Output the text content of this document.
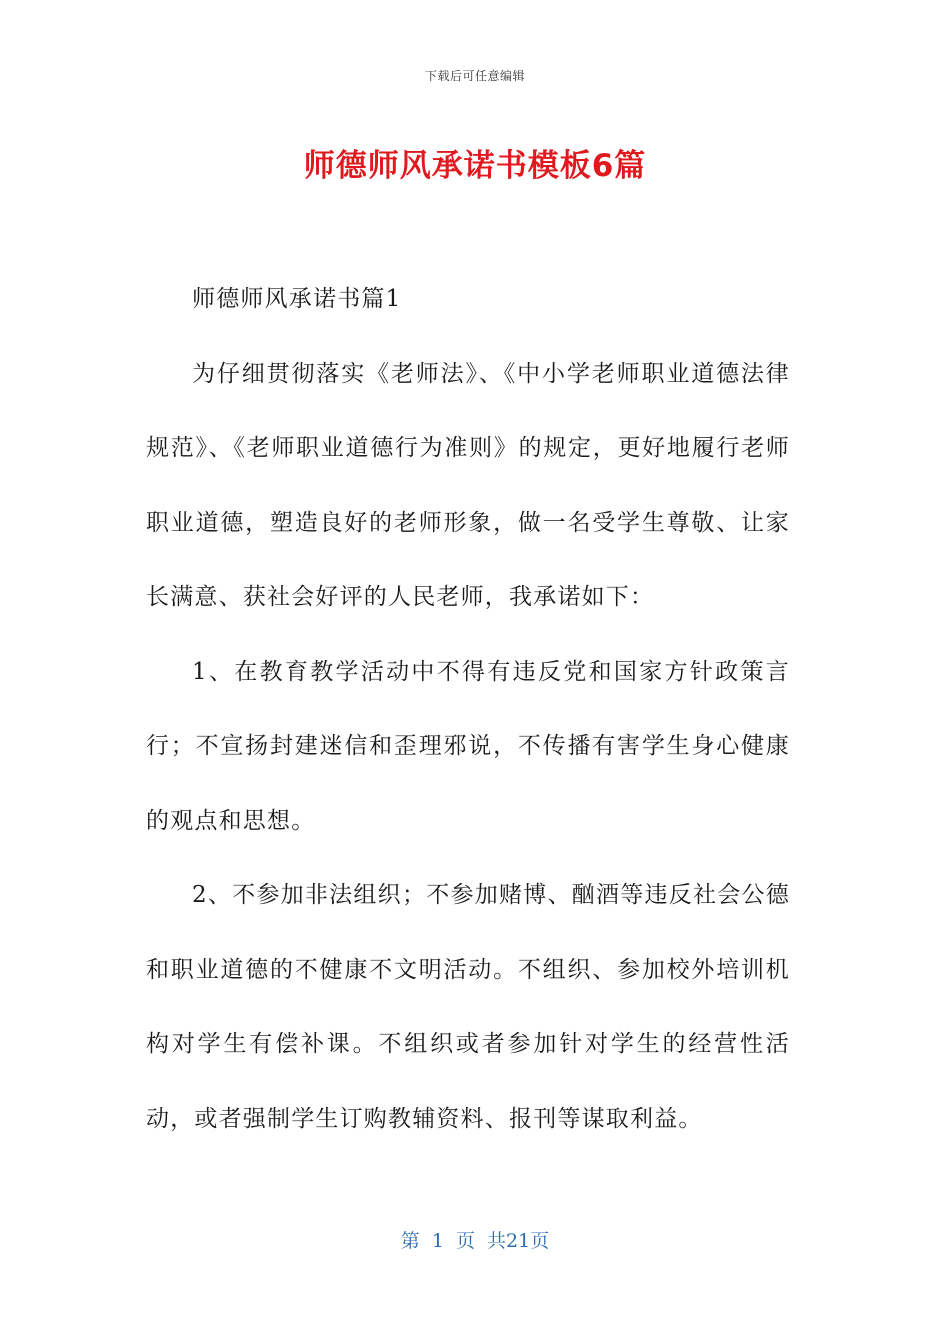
下载后可任意编辑
师德师风承诺书模板6篇

师德师风承诺书篇1

为仔细贯彻落实《老师法》、《中小学老师职业道德法律规范》、《老师职业道德行为准则》的规定，更好地履行老师职业道德，塑造良好的老师形象，做一名受学生尊敬、让家长满意、获社会好评的人民老师，我承诺如下：

1、在教育教学活动中不得有违反党和国家方针政策言行；不宣扬封建迷信和歪理邪说，不传播有害学生身心健康的观点和思想。

2、不参加非法组织；不参加赌博、酗酒等违反社会公德和职业道德的不健康不文明活动。不组织、参加校外培训机构对学生有偿补课。不组织或者参加针对学生的经营性活动，或者强制学生订购教辅资料、报刊等谋取利益。

第 1 页 共21页
